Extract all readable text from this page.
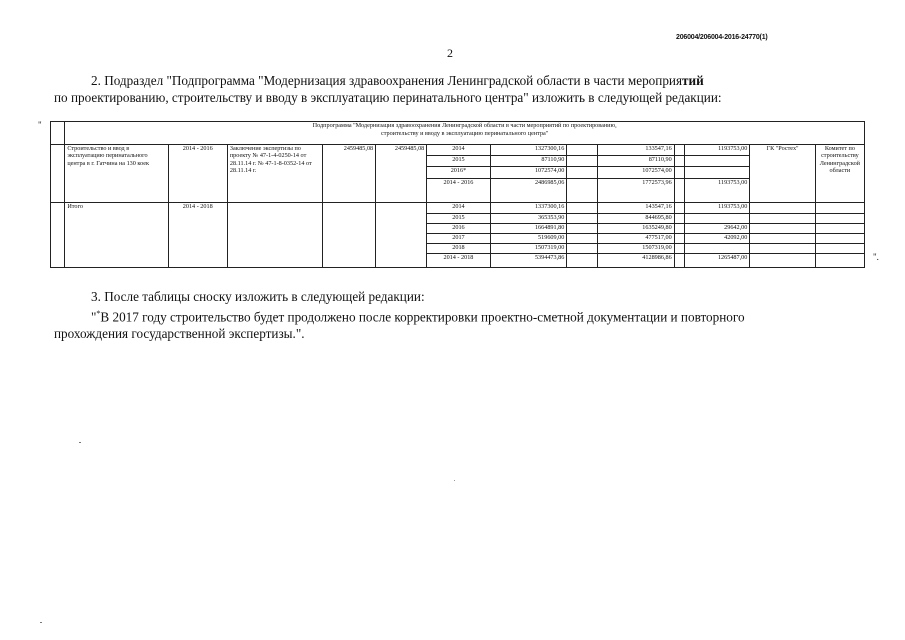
206004/206004-2016-24770(1)
2
2. Подраздел "Подпрограмма "Модернизация здравоохранения Ленинградской области в части мероприятий
по проектированию, строительству и вводу в эксплуатацию перинатального центра" изложить в следующей редакции:
"

	Подпрограмма "Модернизация здравоохранения Ленинградской области в части мероприятий по проектированию,
строительству и вводу в эксплуатацию перинатального центра"												

	Строительство и ввод в эксплуатацию перинатального центра в г. Гатчина на 130 коек	2014 - 2016	Заключение экспертизы по проекту № 47-1-4-0250-14 от 28.11.14 г. № 47-1-8-0352-14 от 28.11.14 г.	2459485,08	2459485,08	2014	1327300,16		133547,16		1193753,00	ГК "Ростех"	Комитет по строительству Ленинградской области
						2015	87110,90		87110,90				
						2016*	1072574,00		1072574,00				
						2014 - 2016	2486985,06		1772573,96		1193753,00		
	Итого	2014 - 2018				2014	1337300,16		143547,16		1193753,00		
						2015	365353,90		844695,80				
						2016	1664891,80		1635249,80		29642,00		
						2017	519609,00		477517,00		42092,00		
						2018	1507319,00		1507319,00				
						2014 - 2018	5394473,86		4128986,86		1265487,00			".
3. После таблицы сноску изложить в следующей редакции:
"*В 2017 году строительство будет продолжено после корректировки проектно-сметной документации и повторного
прохождения государственной экспертизы.".
